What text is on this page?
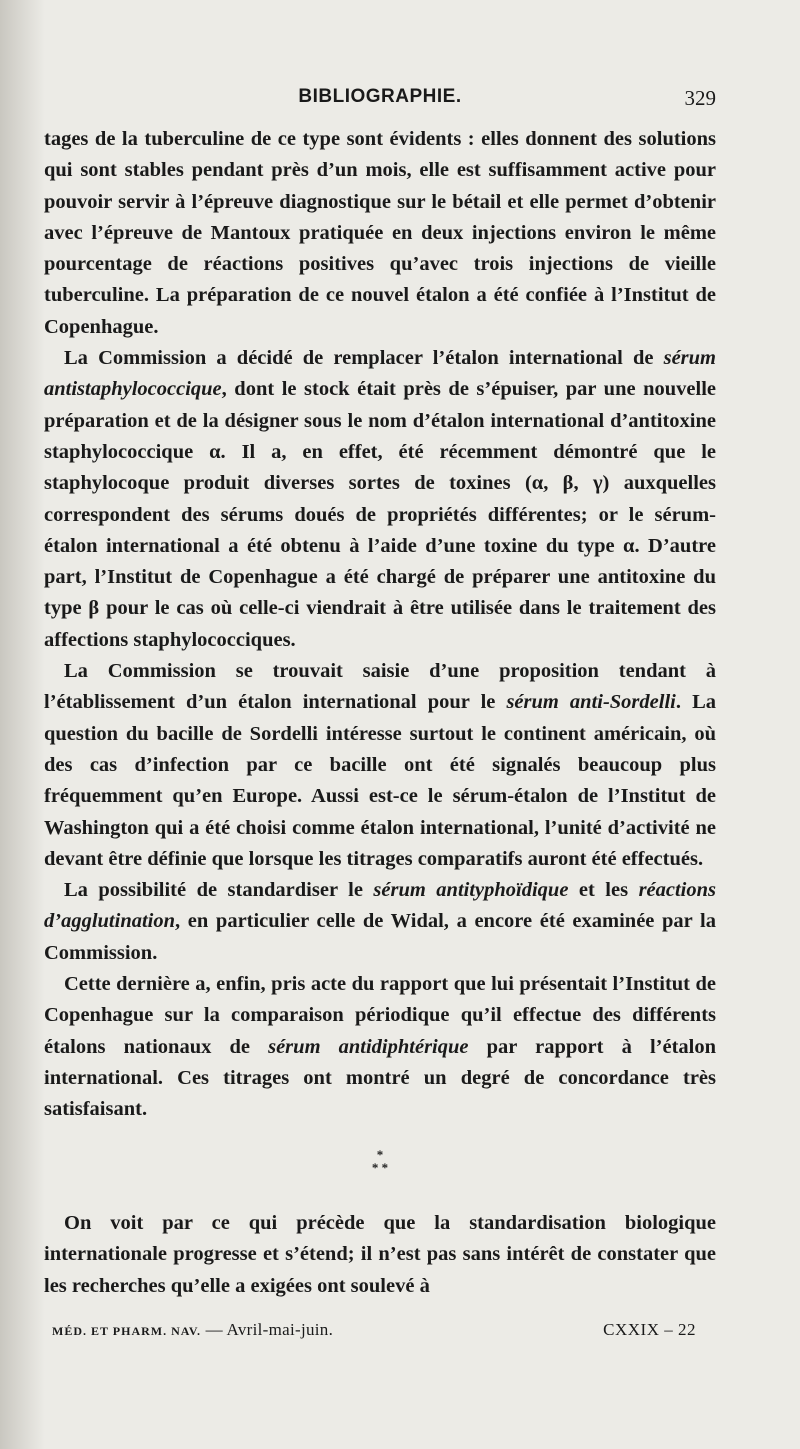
BIBLIOGRAPHIE.	329

tages de la tuberculine de ce type sont évidents : elles donnent des solutions qui sont stables pendant près d’un mois, elle est suffisamment active pour pouvoir servir à l’épreuve diagnostique sur le bétail et elle permet d’obtenir avec l’épreuve de Mantoux pratiquée en deux injections environ le même pourcentage de réactions positives qu’avec trois injections de vieille tuberculine. La préparation de ce nouvel étalon a été confiée à l’Institut de Copenhague.

La Commission a décidé de remplacer l’étalon international de sérum antistaphylococcique, dont le stock était près de s’épuiser, par une nouvelle préparation et de la désigner sous le nom d’étalon international d’antitoxine staphylococcique α. Il a, en effet, été récemment démontré que le staphylocoque produit diverses sortes de toxines (α, β, γ) auxquelles correspondent des sérums doués de propriétés différentes; or le sérum-étalon international a été obtenu à l’aide d’une toxine du type α. D’autre part, l’Institut de Copenhague a été chargé de préparer une antitoxine du type β pour le cas où celle-ci viendrait à être utilisée dans le traitement des affections staphylococciques.

La Commission se trouvait saisie d’une proposition tendant à l’établissement d’un étalon international pour le sérum anti-Sordelli. La question du bacille de Sordelli intéresse surtout le continent américain, où des cas d’infection par ce bacille ont été signalés beaucoup plus fréquemment qu’en Europe. Aussi est-ce le sérum-étalon de l’Institut de Washington qui a été choisi comme étalon international, l’unité d’activité ne devant être définie que lorsque les titrages comparatifs auront été effectués.

La possibilité de standardiser le sérum antityphoïdique et les réactions d’agglutination, en particulier celle de Widal, a encore été examinée par la Commission.

Cette dernière a, enfin, pris acte du rapport que lui présentait l’Institut de Copenhague sur la comparaison périodique qu’il effectue des différents étalons nationaux de sérum antidiphtérique par rapport à l’étalon international. Ces titrages ont montré un degré de concordance très satisfaisant.

*
* *

On voit par ce qui précède que la standardisation biologique internationale progresse et s’étend; il n’est pas sans intérêt de constater que les recherches qu’elle a exigées ont soulevé à

MÉD. ET PHARM. NAV. — Avril-mai-juin.	CXXIX – 22
